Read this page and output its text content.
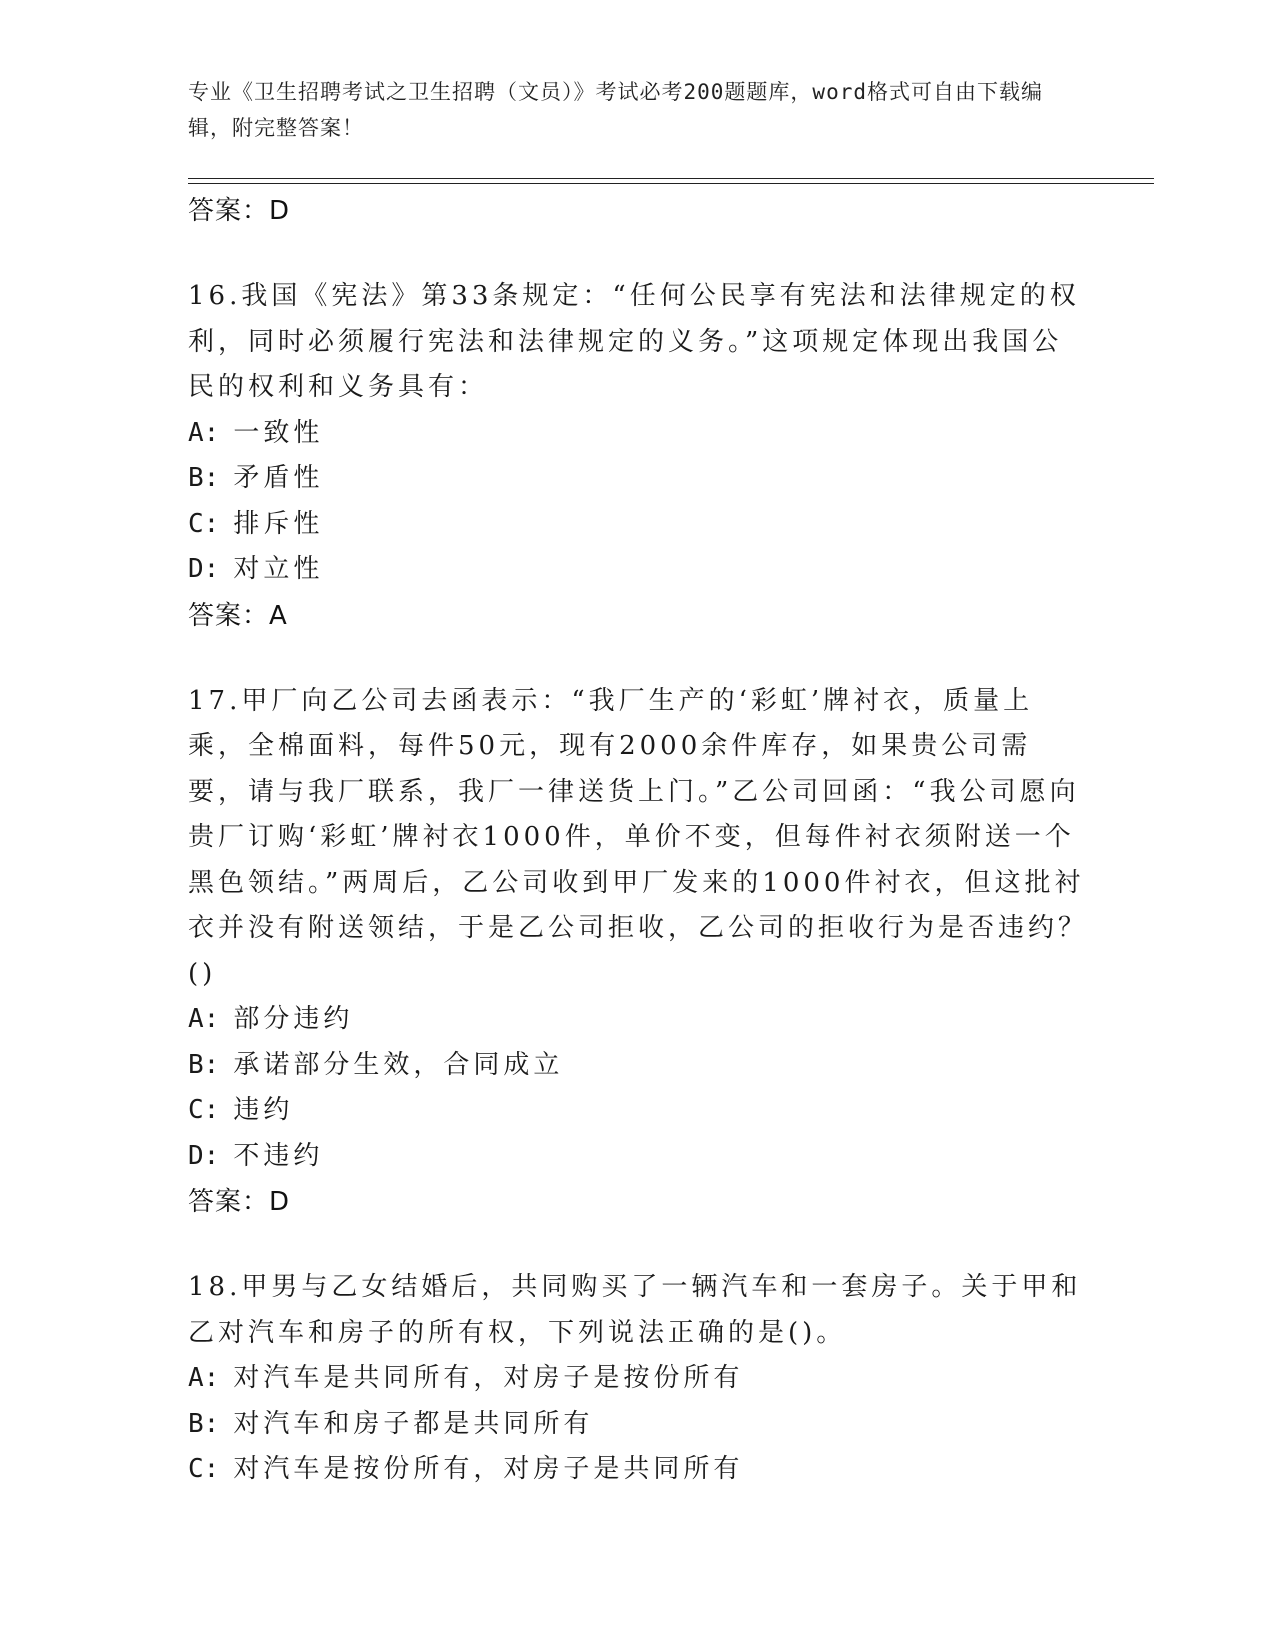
专业《卫生招聘考试之卫生招聘（文员）》考试必考200题题库，word格式可自由下载编辑，附完整答案！
答案：D
16.我国《宪法》第33条规定：“任何公民享有宪法和法律规定的权利，同时必须履行宪法和法律规定的义务。”这项规定体现出我国公民的权利和义务具有：
A: 一致性
B: 矛盾性
C: 排斥性
D: 对立性
答案：A
17.甲厂向乙公司去函表示：“我厂生产的‘彩虹’牌衬衣，质量上乘，全棉面料，每件50元，现有2000余件库存，如果贵公司需要，请与我厂联系，我厂一律送货上门。”乙公司回函：“我公司愿向贵厂订购‘彩虹’牌衬衣1000件，单价不变，但每件衬衣须附送一个黑色领结。”两周后，乙公司收到甲厂发来的1000件衬衣，但这批衬衣并没有附送领结，于是乙公司拒收，乙公司的拒收行为是否违约？()
A: 部分违约
B: 承诺部分生效，合同成立
C: 违约
D: 不违约
答案：D
18.甲男与乙女结婚后，共同购买了一辆汽车和一套房子。关于甲和乙对汽车和房子的所有权，下列说法正确的是()。
A: 对汽车是共同所有，对房子是按份所有
B: 对汽车和房子都是共同所有
C: 对汽车是按份所有，对房子是共同所有
